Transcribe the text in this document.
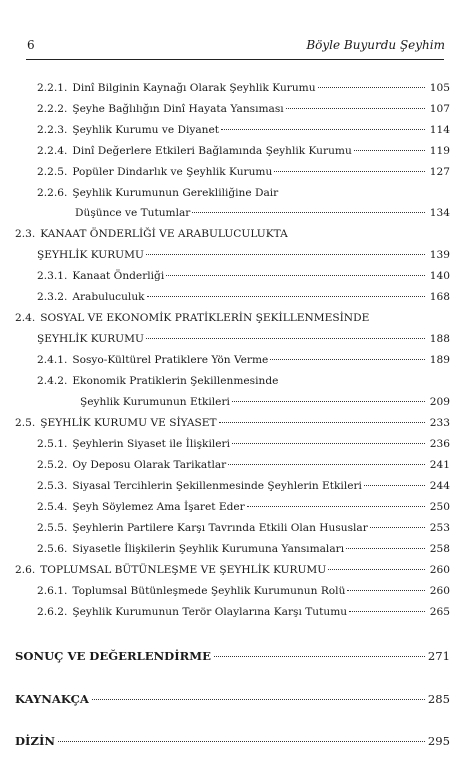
6	Böyle Buyurdu Şeyhim
2.2.1. Dinî Bilginin Kaynağı Olarak Şeyhlik Kurumu	105
2.2.2. Şeyhe Bağlılığın Dinî Hayata Yansıması	107
2.2.3. Şeyhlik Kurumu ve Diyanet	114
2.2.4. Dinî Değerlere Etkileri Bağlamında Şeyhlik Kurumu	119
2.2.5. Popüler Dindarlık ve Şeyhlik Kurumu	127
2.2.6. Şeyhlik Kurumunun Gerekliliğine Dair
Düşünce ve Tutumlar	134
2.3. KANAAT ÖNDERLİĞİ VE ARABULUCULUKTA
ŞEYHLİK KURUMU	139
2.3.1. Kanaat Önderliği	140
2.3.2. Arabuluculuk	168
2.4. SOSYAL VE EKONOMİK PRATİKLERİN ŞEKİLLENMESİNDE
ŞEYHLİK KURUMU	188
2.4.1. Sosyo-Kültürel Pratiklere Yön Verme	189
2.4.2. Ekonomik Pratiklerin Şekillenmesinde
Şeyhlik Kurumunun Etkileri	209
2.5. ŞEYHLİK KURUMU VE SİYASET	233
2.5.1. Şeyhlerin Siyaset ile İlişkileri	236
2.5.2. Oy Deposu Olarak Tarikatlar	241
2.5.3. Siyasal Tercihlerin Şekillenmesinde Şeyhlerin Etkileri	244
2.5.4. Şeyh Söylemez Ama İşaret Eder	250
2.5.5. Şeyhlerin Partilere Karşı Tavrında Etkili Olan Hususlar	253
2.5.6. Siyasetle İlişkilerin Şeyhlik Kurumuna Yansımaları	258
2.6. TOPLUMSAL BÜTÜNLEŞME VE ŞEYHLİK KURUMU	260
2.6.1. Toplumsal Bütünleşmede Şeyhlik Kurumunun Rolü	260
2.6.2. Şeyhlik Kurumunun Terör Olaylarına Karşı Tutumu	265
SONUÇ VE DEĞERLENDİRME	271
KAYNAKÇA	285
DİZİN	295
